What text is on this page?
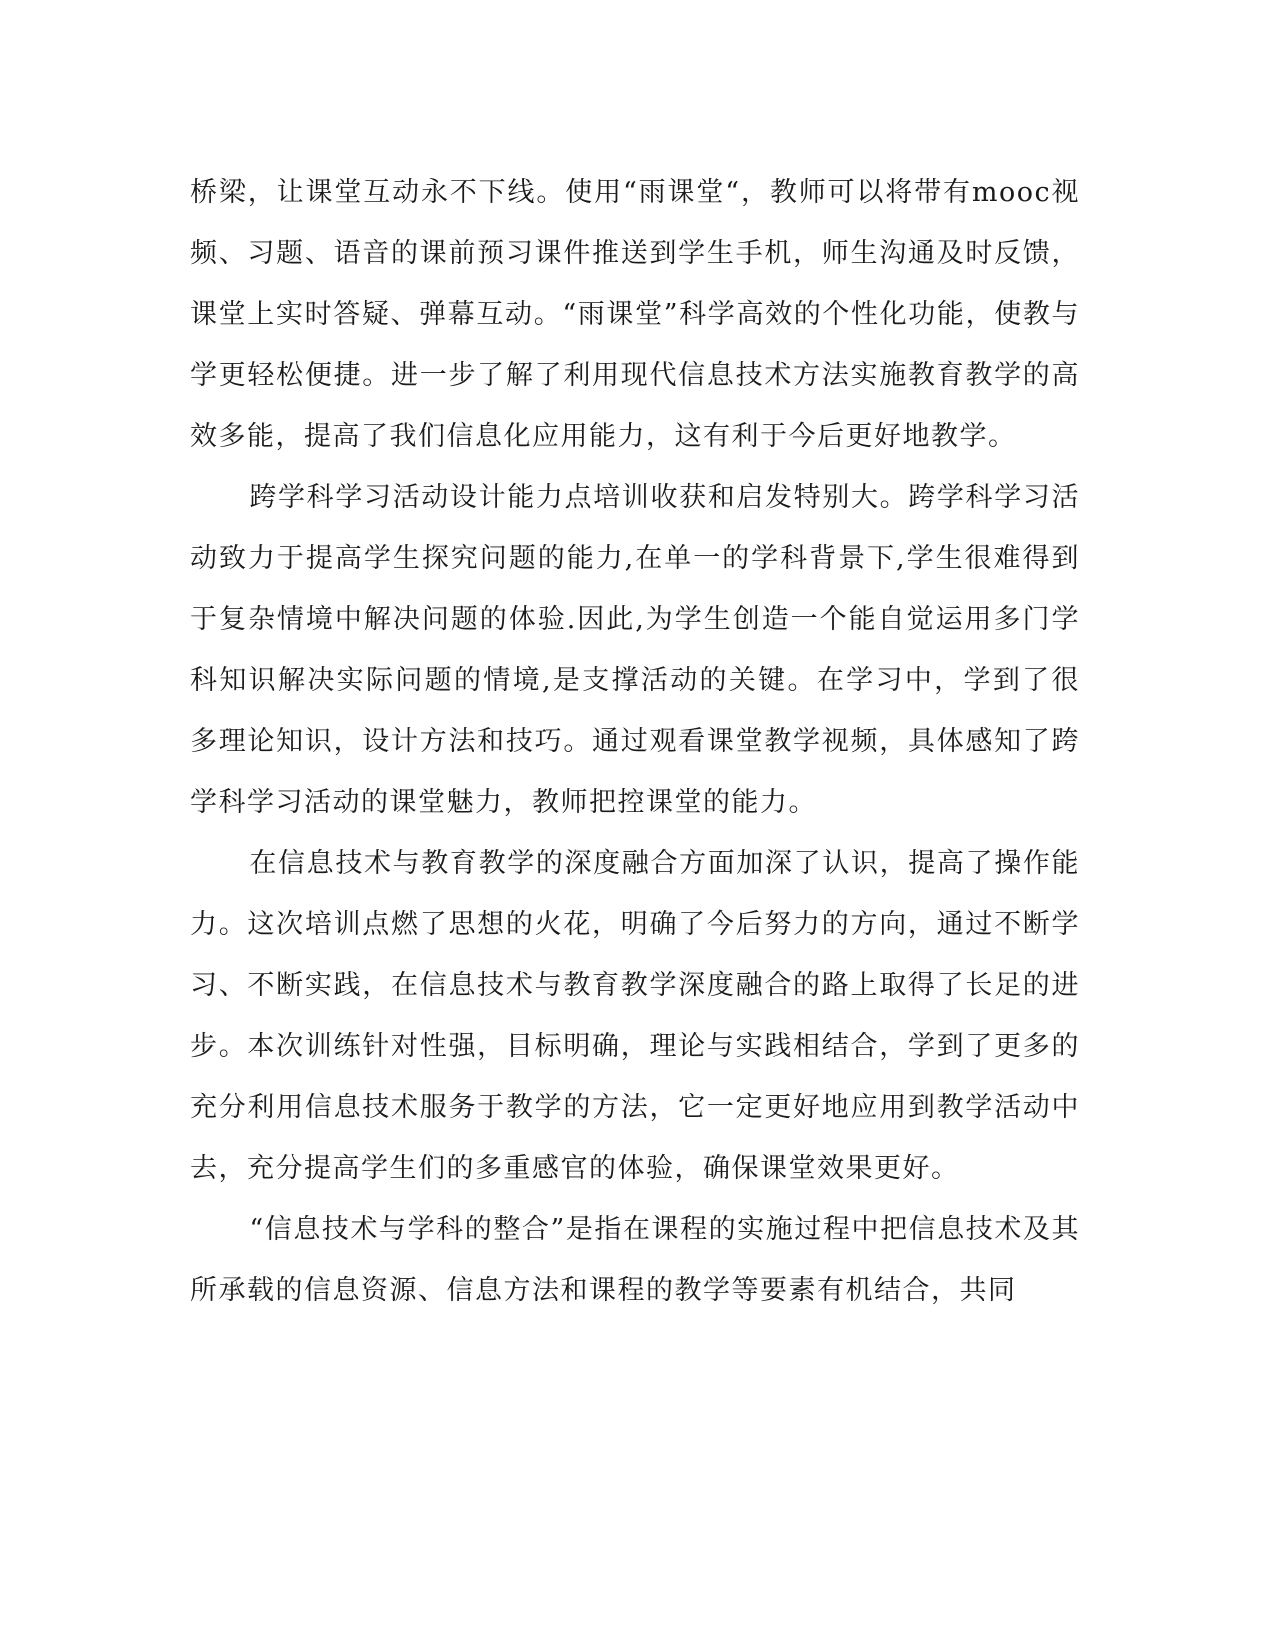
桥梁，让课堂互动永不下线。使用“雨课堂“，教师可以将带有mooc视频、习题、语音的课前预习课件推送到学生手机，师生沟通及时反馈，课堂上实时答疑、弹幕互动。“雨课堂”科学高效的个性化功能，使教与学更轻松便捷。进一步了解了利用现代信息技术方法实施教育教学的高效多能，提高了我们信息化应用能力，这有利于今后更好地教学。

跨学科学习活动设计能力点培训收获和启发特别大。跨学科学习活动致力于提高学生探究问题的能力,在单一的学科背景下,学生很难得到于复杂情境中解决问题的体验.因此,为学生创造一个能自觉运用多门学科知识解决实际问题的情境,是支撑活动的关键。在学习中，学到了很多理论知识，设计方法和技巧。通过观看课堂教学视频，具体感知了跨学科学习活动的课堂魅力，教师把控课堂的能力。

在信息技术与教育教学的深度融合方面加深了认识，提高了操作能力。这次培训点燃了思想的火花，明确了今后努力的方向，通过不断学习、不断实践，在信息技术与教育教学深度融合的路上取得了长足的进步。本次训练针对性强，目标明确，理论与实践相结合，学到了更多的充分利用信息技术服务于教学的方法，它一定更好地应用到教学活动中去，充分提高学生们的多重感官的体验，确保课堂效果更好。

“信息技术与学科的整合”是指在课程的实施过程中把信息技术及其所承载的信息资源、信息方法和课程的教学等要素有机结合，共同
